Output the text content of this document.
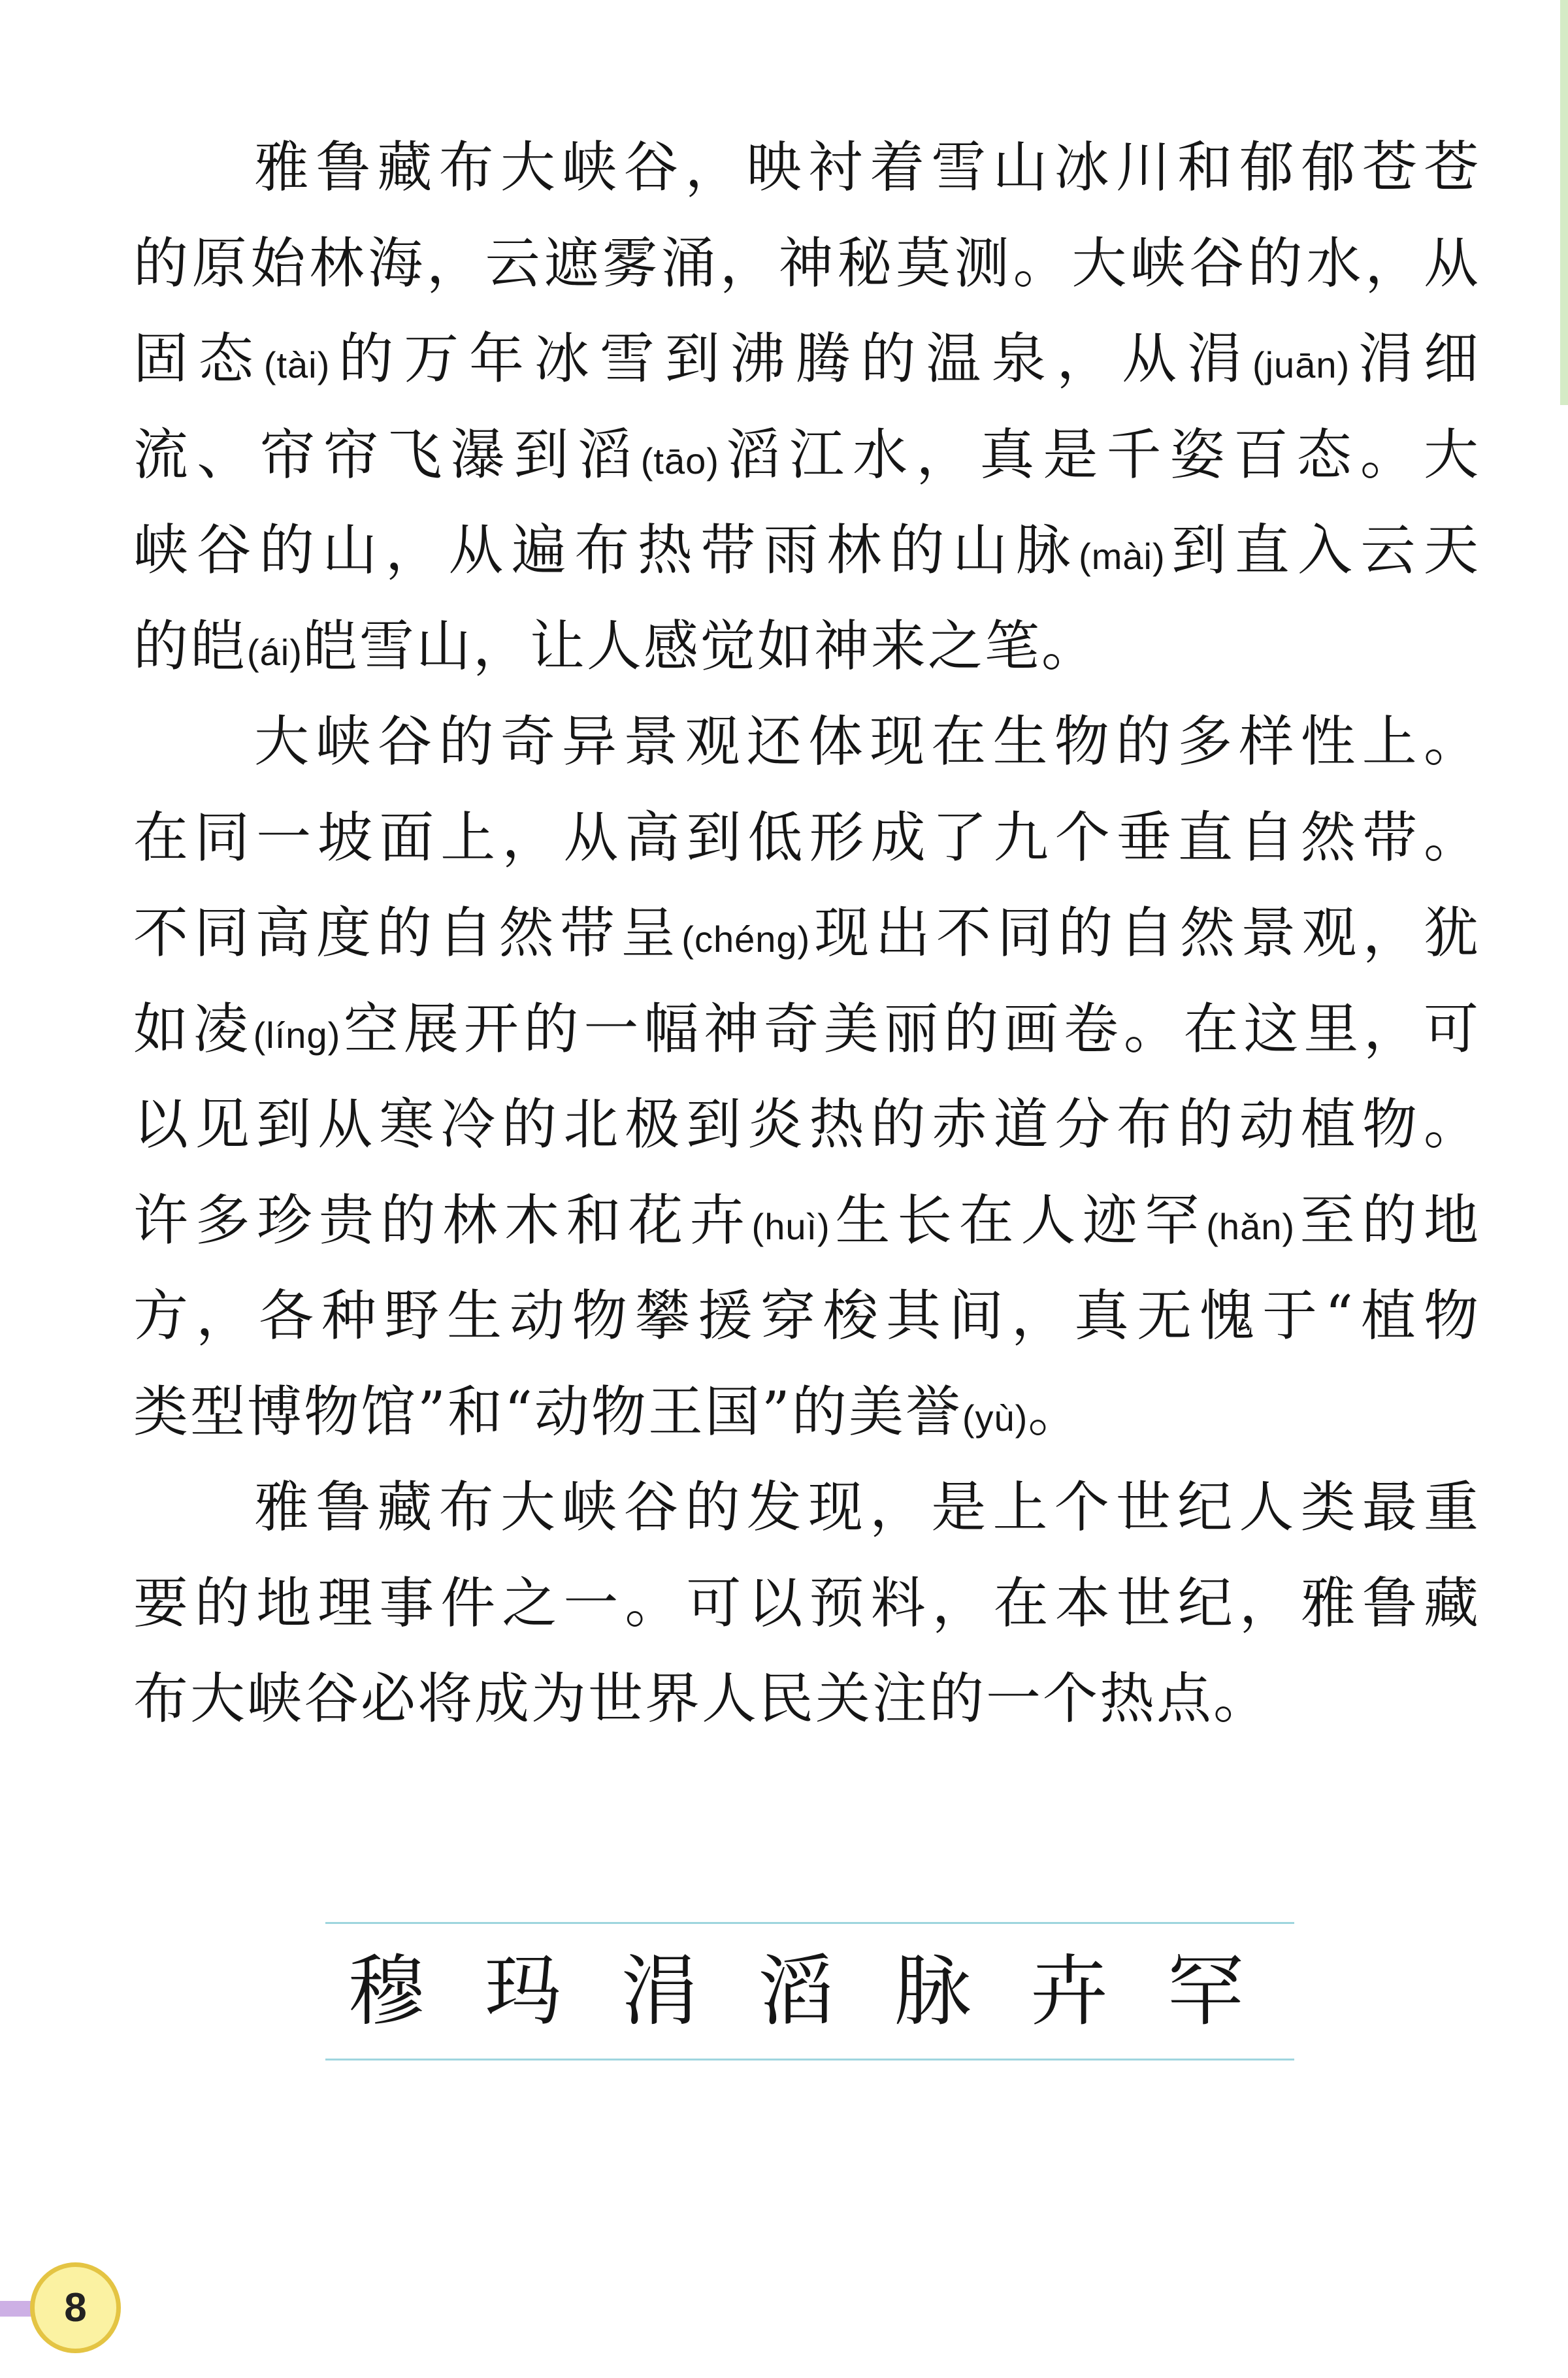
雅鲁藏布大峡谷，映衬着雪山冰川和郁郁苍苍
的原始林海，云遮雾涌，神秘莫测。大峡谷的水，从
固态(tài)的万年冰雪到沸腾的温泉，从涓(juān)涓细
流、帘帘飞瀑到滔(tāo)滔江水，真是千姿百态。大
峡谷的山，从遍布热带雨林的山脉(mài)到直入云天
的皑(ái)皑雪山，让人感觉如神来之笔。
大峡谷的奇异景观还体现在生物的多样性上。
在同一坡面上，从高到低形成了九个垂直自然带。
不同高度的自然带呈(chéng)现出不同的自然景观，犹
如凌(líng)空展开的一幅神奇美丽的画卷。在这里，可
以见到从寒冷的北极到炎热的赤道分布的动植物。
许多珍贵的林木和花卉(huì)生长在人迹罕(hǎn)至的地
方，各种野生动物攀援穿梭其间，真无愧于“植物
类型博物馆”和“动物王国”的美誉(yù)。
雅鲁藏布大峡谷的发现，是上个世纪人类最重
要的地理事件之一。可以预料，在本世纪，雅鲁藏
布大峡谷必将成为世界人民关注的一个热点。
穆 玛 涓 滔 脉 卉 罕
8
